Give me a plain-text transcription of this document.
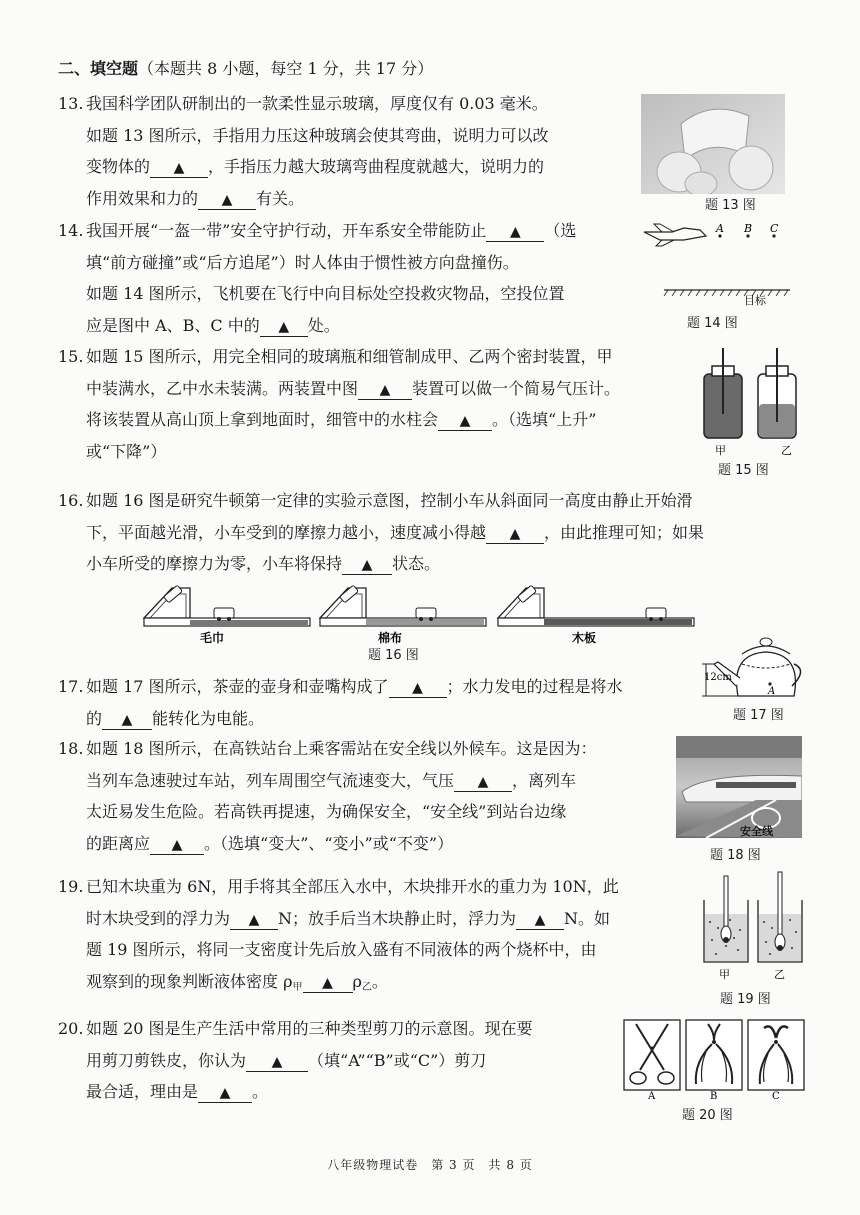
二、填空题（本题共 8 小题，每空 1 分，共 17 分）
13. 我国科学团队研制出的一款柔性显示玻璃，厚度仅有 0.03 毫米。
如题 13 图所示，手指用力压这种玻璃会使其弯曲，说明力可以改
变物体的▲	，手指压力越大玻璃弯曲程度就越大，说明力的
作用效果和力的▲	有关。	题 13 图
14. 我国开展“一盔一带”安全守护行动，开车系安全带能防止▲	（选
填“前方碰撞”或“后方追尾”）时人体由于惯性被方向盘撞伤。
如题 14 图所示，飞机要在飞行中向目标处空投救灾物品，空投位置
应是图中 A、B、C 中的▲	处。
A B C
目标
题 14 图
15. 如题 15 图所示，用完全相同的玻璃瓶和细管制成甲、乙两个密封装置，甲
中装满水，乙中水未装满。两装置中图▲	装置可以做一个简易气压计。
将该装置从高山顶上拿到地面时，细管中的水柱会▲	。（选填“上升”
或“下降”）	甲	乙
题 15 图
16. 如题 16 图是研究牛顿第一定律的实验示意图，控制小车从斜面同一高度由静止开始滑
下，平面越光滑，小车受到的摩擦力越小，速度减小得越▲	，由此推理可知；如果
小车所受的摩擦力为零，小车将保持▲	状态。
毛巾	棉布	木板
题 16 图
17. 如题 17 图所示，茶壶的壶身和壶嘴构成了▲	；水力发电的过程是将水
的▲	能转化为电能。
12cm
A
题 17 图
18. 如题 18 图所示，在高铁站台上乘客需站在安全线以外候车。这是因为：
当列车急速驶过车站，列车周围空气流速变大，气压▲	，离列车
太近易发生危险。若高铁再提速，为确保安全，“安全线”到站台边缘
的距离应▲	。（选填“变大”、“变小”或“不变”）
安全线
题 18 图
19. 已知木块重为 6N，用手将其全部压入水中，木块排开水的重力为 10N，此
时木块受到的浮力为▲	N；放手后当木块静止时，浮力为▲	N。如
题 19 图所示，将同一支密度计先后放入盛有不同液体的两个烧杯中，由
观察到的现象判断液体密度 $\rho_甲▲$	$\rho_乙$。	甲	乙
题 19 图
20. 如题 20 图是生产生活中常用的三种类型剪刀的示意图。现在要
用剪刀剪铁皮，你认为▲	（填“A”“B”或“C”）剪刀
最合适，理由是▲	。	A	B	C
题 20 图
八年级物理试卷　第 3 页　共 8 页
